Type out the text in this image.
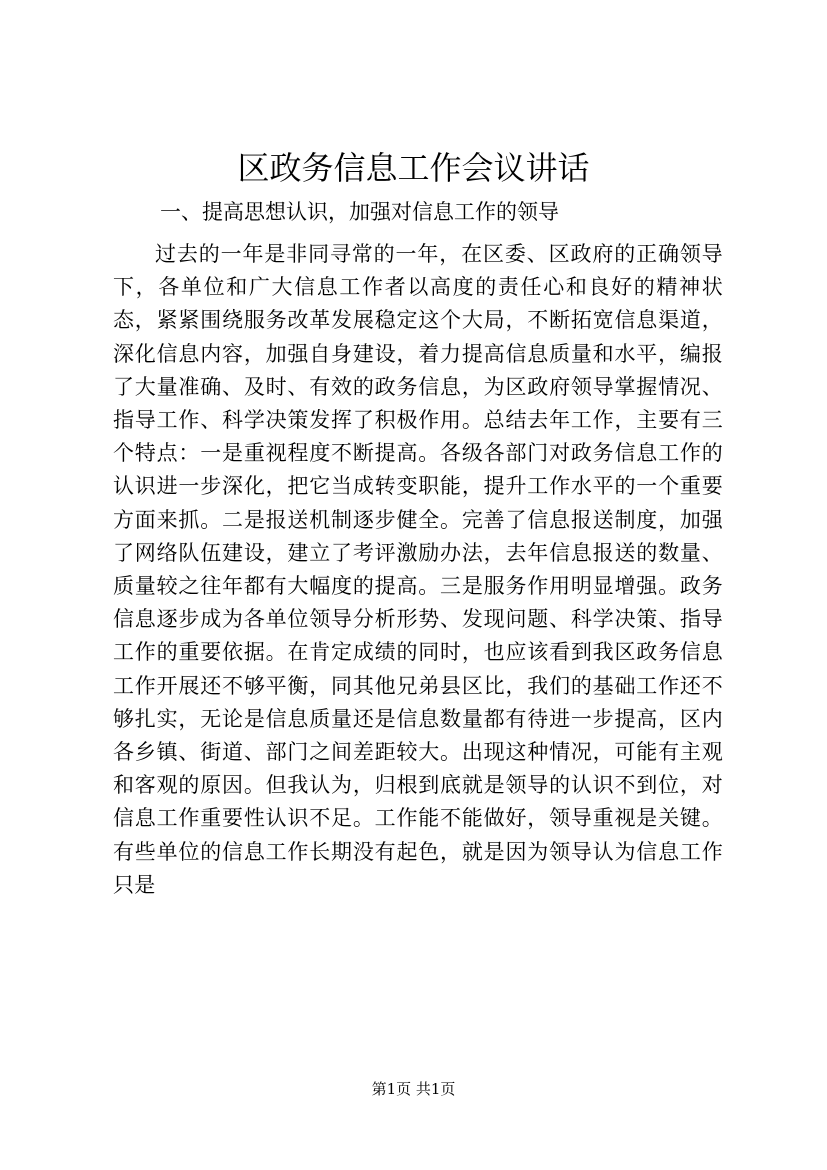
区政务信息工作会议讲话

一、提高思想认识，加强对信息工作的领导

过去的一年是非同寻常的一年，在区委、区政府的正确领导下，各单位和广大信息工作者以高度的责任心和良好的精神状态，紧紧围绕服务改革发展稳定这个大局，不断拓宽信息渠道，深化信息内容，加强自身建设，着力提高信息质量和水平，编报了大量准确、及时、有效的政务信息，为区政府领导掌握情况、指导工作、科学决策发挥了积极作用。总结去年工作，主要有三个特点：一是重视程度不断提高。各级各部门对政务信息工作的认识进一步深化，把它当成转变职能，提升工作水平的一个重要方面来抓。二是报送机制逐步健全。完善了信息报送制度，加强了网络队伍建设，建立了考评激励办法，去年信息报送的数量、质量较之往年都有大幅度的提高。三是服务作用明显增强。政务信息逐步成为各单位领导分析形势、发现问题、科学决策、指导工作的重要依据。在肯定成绩的同时，也应该看到我区政务信息工作开展还不够平衡，同其他兄弟县区比，我们的基础工作还不够扎实，无论是信息质量还是信息数量都有待进一步提高，区内各乡镇、街道、部门之间差距较大。出现这种情况，可能有主观和客观的原因。但我认为，归根到底就是领导的认识不到位，对信息工作重要性认识不足。工作能不能做好，领导重视是关键。有些单位的信息工作长期没有起色，就是因为领导认为信息工作只是

第1页 共1页
